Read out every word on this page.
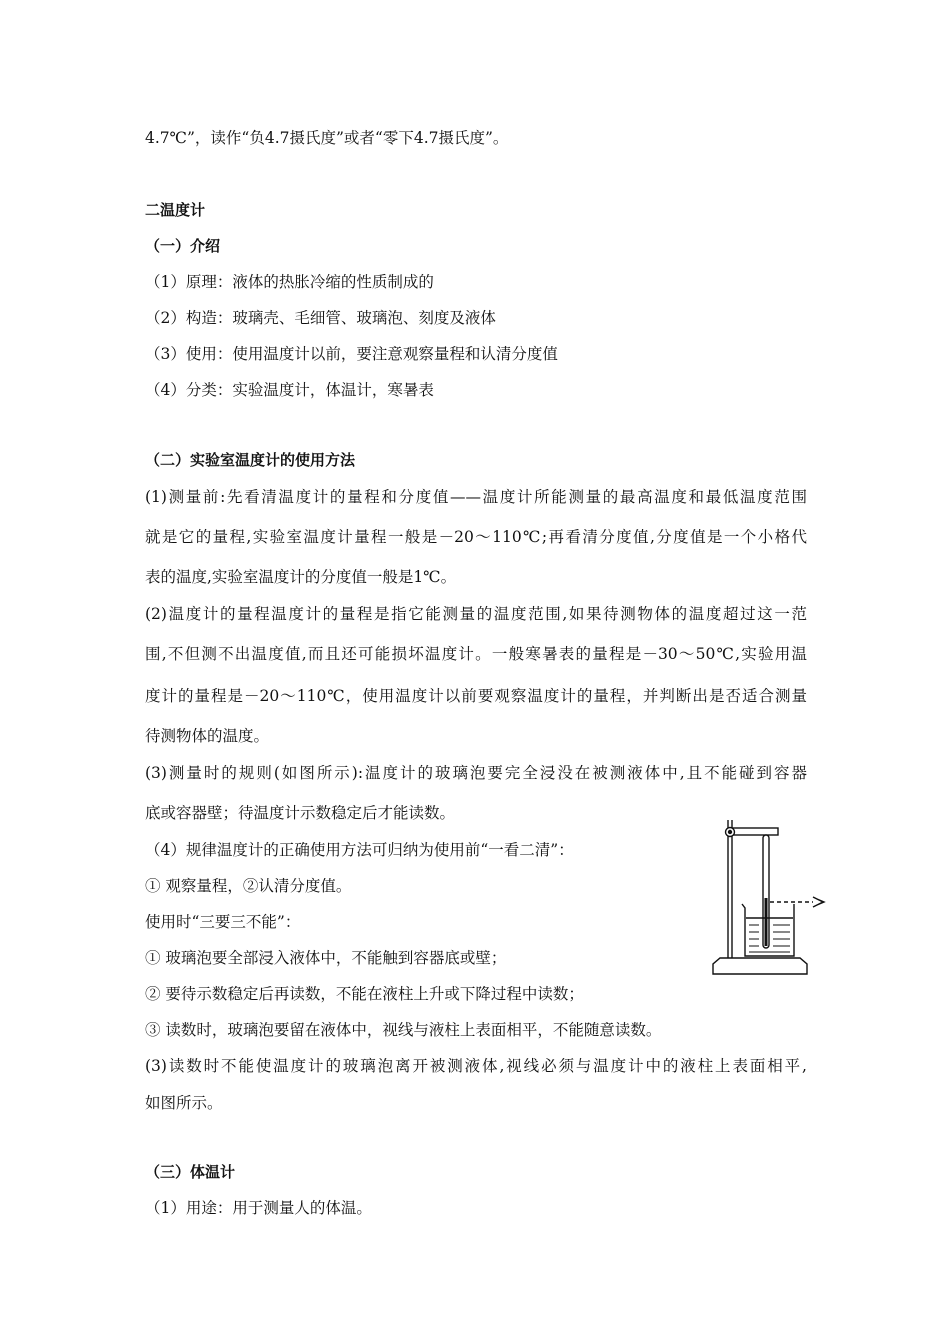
4.7℃”，读作“负4.7摄氏度”或者“零下4.7摄氏度”。
二温度计
（一）介绍
（1）原理：液体的热胀冷缩的性质制成的
（2）构造：玻璃壳、毛细管、玻璃泡、刻度及液体
（3）使用：使用温度计以前，要注意观察量程和认清分度值
（4）分类：实验温度计，体温计，寒暑表
（二）实验室温度计的使用方法
(1)测量前:先看清温度计的量程和分度值——温度计所能测量的最高温度和最低温度范围
就是它的量程,实验室温度计量程一般是－20～110℃;再看清分度值,分度值是一个小格代
表的温度,实验室温度计的分度值一般是1℃。
(2)温度计的量程温度计的量程是指它能测量的温度范围,如果待测物体的温度超过这一范
围,不但测不出温度值,而且还可能损坏温度计。一般寒暑表的量程是－30～50℃,实验用温
度计的量程是－20～110℃，使用温度计以前要观察温度计的量程，并判断出是否适合测量
待测物体的温度。
(3)测量时的规则(如图所示):温度计的玻璃泡要完全浸没在被测液体中,且不能碰到容器
底或容器壁；待温度计示数稳定后才能读数。
（4）规律温度计的正确使用方法可归纳为使用前“一看二清”：
① 观察量程，②认清分度值。
使用时“三要三不能”：
① 玻璃泡要全部浸入液体中，不能触到容器底或壁；
② 要待示数稳定后再读数，不能在液柱上升或下降过程中读数；
③ 读数时，玻璃泡要留在液体中，视线与液柱上表面相平，不能随意读数。
(3)读数时不能使温度计的玻璃泡离开被测液体,视线必须与温度计中的液柱上表面相平,
如图所示。
（三）体温计
（1）用途：用于测量人的体温。
